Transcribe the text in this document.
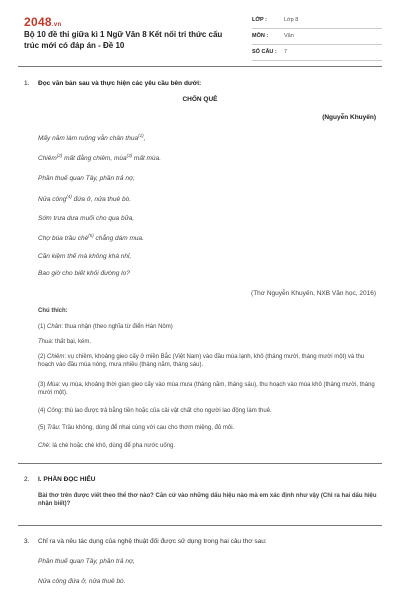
2048.vn
Bộ 10 đề thi giữa kì 1 Ngữ Văn 8 Kết nối tri thức cấu trúc mới có đáp án - Đề 10
LỚP :	Lớp 8
MÔN :	Văn
SỐ CÂU :	7
1. Đọc văn bản sau và thực hiện các yêu cầu bên dưới:
CHỐN QUÊ
(Nguyễn Khuyến)
Mấy năm làm ruộng vẫn chân thua$^{(1)}$,
Chiêm$^{(2)}$ mất đằng chiêm, mùa$^{(3)}$ mất mùa.
Phần thuế quan Tây, phần trả nợ,
Nửa công$^{(4)}$ đứa ở, nửa thuê bò.
Sớm trưa dưa muối cho qua bữa,
Chợ búa trầu chè$^{(5)}$ chẳng dám mua.
Cần kiệm thế mà không khá nhỉ,
Bao giờ cho biết khỏi đường lo?
(Thơ Nguyễn Khuyến, NXB Văn học, 2016)
Chú thích:
(1) Chân: thua nhận (theo nghĩa từ điển Hán Nôm)
Thua: thất bại, kém.
(2) Chiêm: vụ chiêm, khoảng gieo cấy ở miền Bắc (Việt Nam) vào đầu mùa lạnh, khô (tháng mười, tháng mười một) và thu hoạch vào đầu mùa nóng, mưa nhiều (tháng năm, tháng sáu).
(3) Mùa: vụ mùa, khoảng thời gian gieo cấy vào mùa mưa (tháng năm, tháng sáu), thu hoạch vào mùa khô (tháng mười, tháng mười một).
(4) Công: thù lao được trả bằng tiền hoặc của cải vật chất cho người lao động làm thuê.
(5) Trầu: Trầu không, dùng để nhai cùng với cau cho thơm miệng, đỏ môi.
Chè: lá chè hoặc chè khô, dùng để pha nước uống.
2. I. PHẦN ĐỌC HIỂU
Bài thơ trên được viết theo thể thơ nào? Căn cứ vào những dấu hiệu nào mà em xác định như vậy (Chỉ ra hai dấu hiệu nhận biết)?
3. Chỉ ra và nêu tác dụng của nghệ thuật đối được sử dụng trong hai câu thơ sau:
Phần thuế quan Tây, phần trả nợ,
Nửa công đứa ở, nửa thuê bò.
